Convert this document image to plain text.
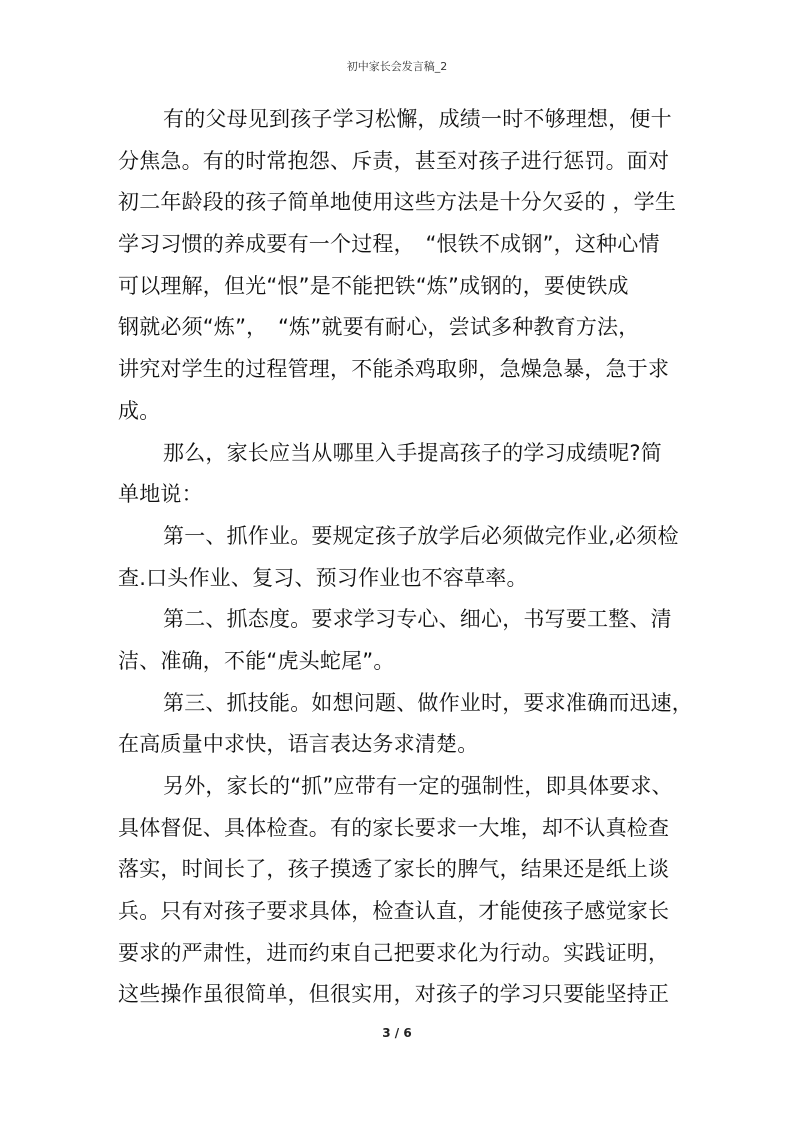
初中家长会发言稿_2
有的父母见到孩子学习松懈，成绩一时不够理想，便十
分焦急。有的时常抱怨、斥责，甚至对孩子进行惩罚。面对
初二年龄段的孩子简单地使用这些方法是十分欠妥的 ，学生
学习习惯的养成要有一个过程，　“恨铁不成钢”，这种心情
可以理解，但光“恨”是不能把铁“炼”成钢的，要使铁成
钢就必须“炼”，　“炼”就要有耐心，尝试多种教育方法，
讲究对学生的过程管理，不能杀鸡取卵，急燥急暴，急于求
成。
那么，家长应当从哪里入手提高孩子的学习成绩呢?简
单地说：
第一、抓作业。要规定孩子放学后必须做完作业,必须检
查.口头作业、复习、预习作业也不容草率。
第二、抓态度。要求学习专心、细心，书写要工整、清
洁、准确，不能“虎头蛇尾”。
第三、抓技能。如想问题、做作业时，要求准确而迅速，
在高质量中求快，语言表达务求清楚。
另外，家长的“抓”应带有一定的强制性，即具体要求、
具体督促、具体检查。有的家长要求一大堆，却不认真检查
落实，时间长了，孩子摸透了家长的脾气，结果还是纸上谈
兵。只有对孩子要求具体，检查认直，才能使孩子感觉家长
要求的严肃性，进而约束自己把要求化为行动。实践证明，
这些操作虽很简单，但很实用，对孩子的学习只要能坚持正
3 / 6
